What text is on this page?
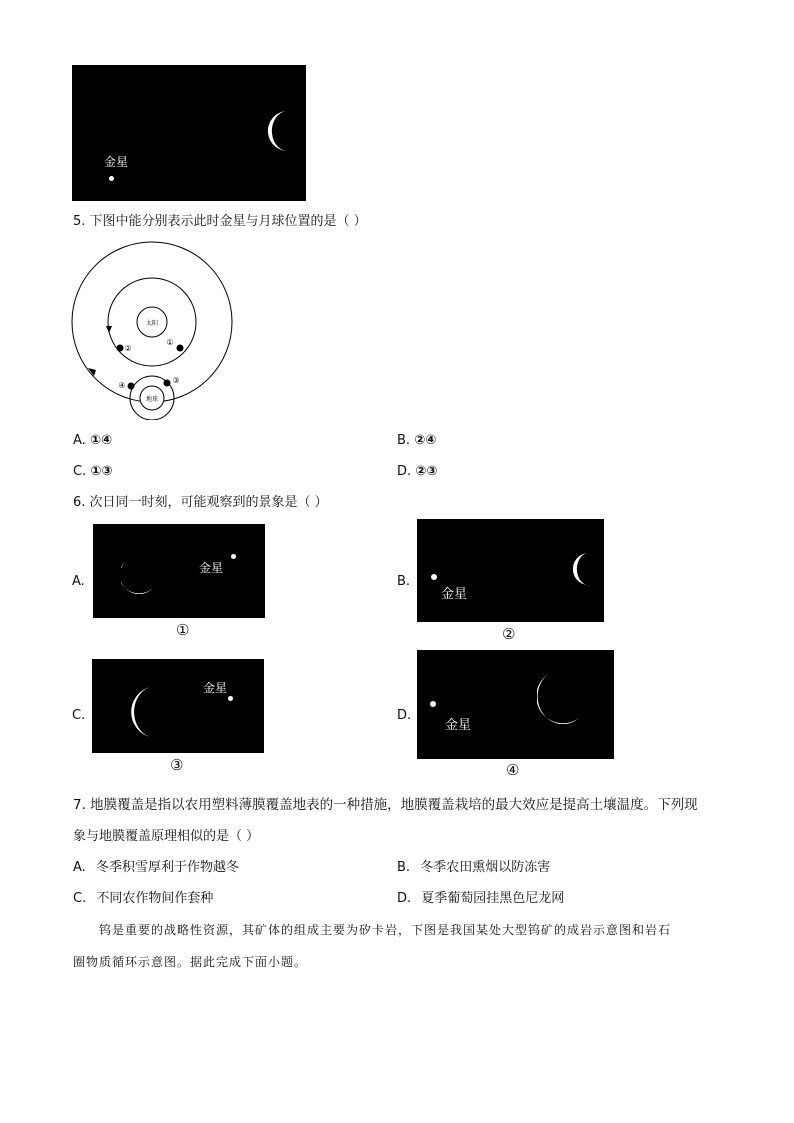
金星
5. 下图中能分别表示此时金星与月球位置的是（ ）
太阳
地球
①
②
③
④
A. ①④	B. ②④
C. ①③	D. ②③
6. 次日同一时刻，可能观察到的景象是（ ）
A.
金星
①
B.
金星
②
C.
金星
③
D.
金星
④
7. 地膜覆盖是指以农用塑料薄膜覆盖地表的一种措施，地膜覆盖栽培的最大效应是提高土壤温度。下列现
象与地膜覆盖原理相似的是（ ）
A. 冬季积雪厚利于作物越冬	B. 冬季农田熏烟以防冻害
C. 不同农作物间作套种	D. 夏季葡萄园挂黑色尼龙网
钨是重要的战略性资源，其矿体的组成主要为矽卡岩，下图是我国某处大型钨矿的成岩示意图和岩石
圈物质循环示意图。据此完成下面小题。
